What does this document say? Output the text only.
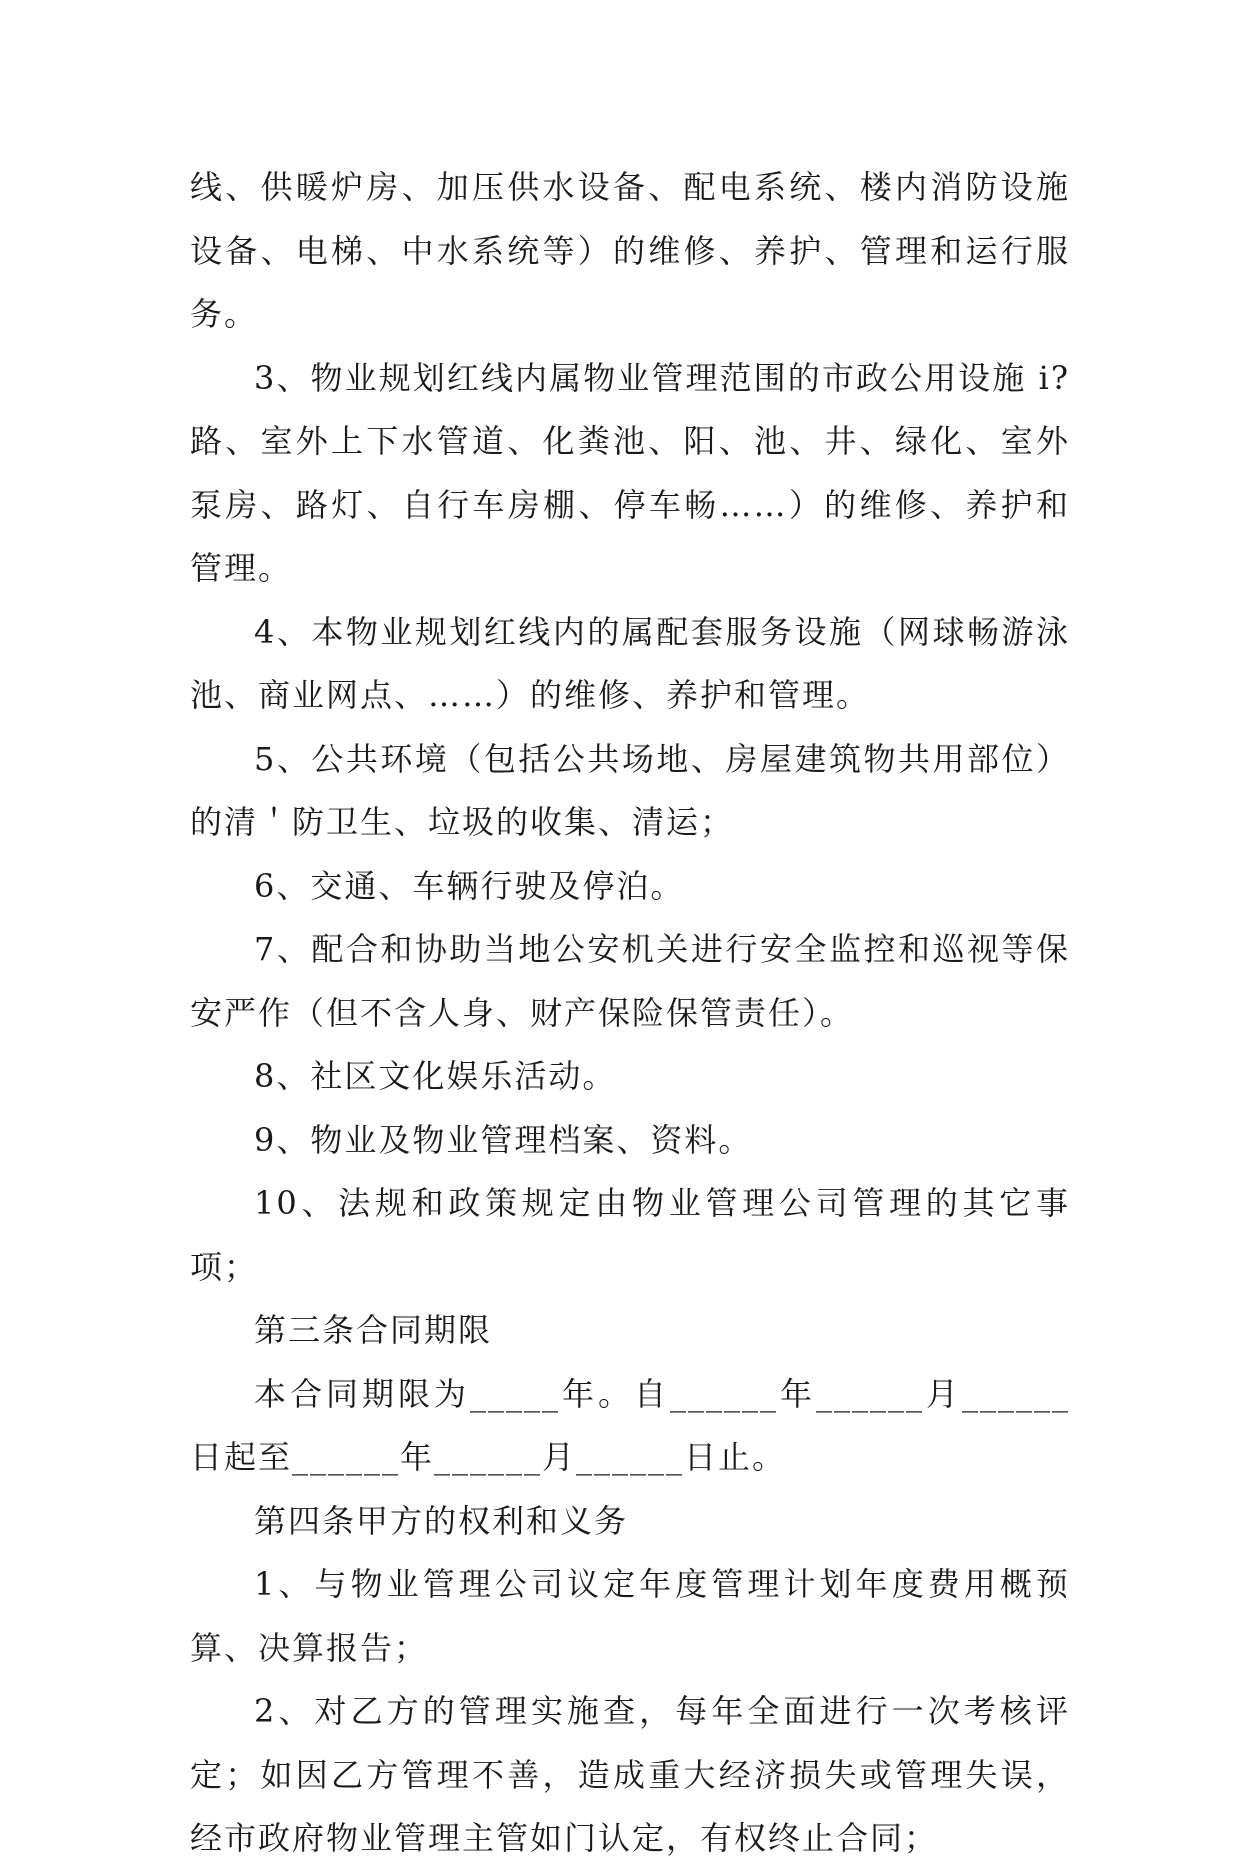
线、供暖炉房、加压供水设备、配电系统、楼内消防设施设备、电梯、中水系统等）的维修、养护、管理和运行服务。

3、物业规划红线内属物业管理范围的市政公用设施 i?路、室外上下水管道、化粪池、阳、池、井、绿化、室外泵房、路灯、自行车房棚、停车畅……）的维修、养护和管理。

4、本物业规划红线内的属配套服务设施（网球畅游泳池、商业网点、……）的维修、养护和管理。

5、公共环境（包括公共场地、房屋建筑物共用部位）的清＇防卫生、垃圾的收集、清运；

6、交通、车辆行驶及停泊。

7、配合和协助当地公安机关进行安全监控和巡视等保安严作（但不含人身、财产保险保管责任）。

8、社区文化娱乐活动。

9、物业及物业管理档案、资料。

10、法规和政策规定由物业管理公司管理的其它事项；

第三条合同期限

本合同期限为_____年。自______年______月______日起至______年______月______日止。

第四条甲方的权利和义务

1、与物业管理公司议定年度管理计划年度费用概预算、决算报告；

2、对乙方的管理实施查，每年全面进行一次考核评定；如因乙方管理不善，造成重大经济损失或管理失误，经市政府物业管理主管如门认定，有权终止合同；
